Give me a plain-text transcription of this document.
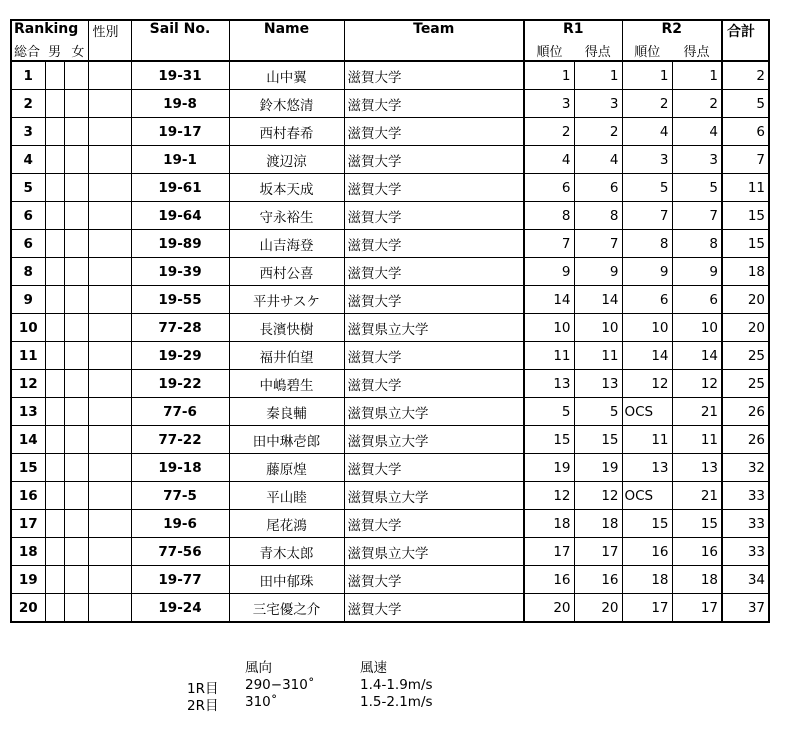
Ranking			性別	Sail No.	Name	Team	R1		R2		合計
総合 男 女							順位	得点	順位	得点	
1				19-31	山中翼	滋賀大学	1	1	1	1	2
2				19-8	鈴木悠清	滋賀大学	3	3	2	2	5
3				19-17	西村春希	滋賀大学	2	2	4	4	6
4				19-1	渡辺涼	滋賀大学	4	4	3	3	7
5				19-61	坂本天成	滋賀大学	6	6	5	5	11
6				19-64	守永裕生	滋賀大学	8	8	7	7	15
6				19-89	山吉海登	滋賀大学	7	7	8	8	15
8				19-39	西村公喜	滋賀大学	9	9	9	9	18
9				19-55	平井サスケ	滋賀大学	14	14	6	6	20
10				77-28	長濱快樹	滋賀県立大学	10	10	10	10	20
11				19-29	福井伯望	滋賀大学	11	11	14	14	25
12				19-22	中嶋碧生	滋賀大学	13	13	12	12	25
13				77-6	秦良輔	滋賀県立大学	5	5	OCS	21	26
14				77-22	田中琳壱郎	滋賀県立大学	15	15	11	11	26
15				19-18	藤原煌	滋賀大学	19	19	13	13	32
16				77-5	平山睦	滋賀県立大学	12	12	OCS	21	33
17				19-6	尾花鴻	滋賀大学	18	18	15	15	33
18				77-56	青木太郎	滋賀県立大学	17	17	16	16	33
19				19-77	田中郁珠	滋賀大学	16	16	18	18	34
20				19-24	三宅優之介	滋賀大学	20	20	17	17	37
風向	風速
1R目 290−310˚	1.4-1.9m/s
2R目 310˚	1.5-2.1m/s
